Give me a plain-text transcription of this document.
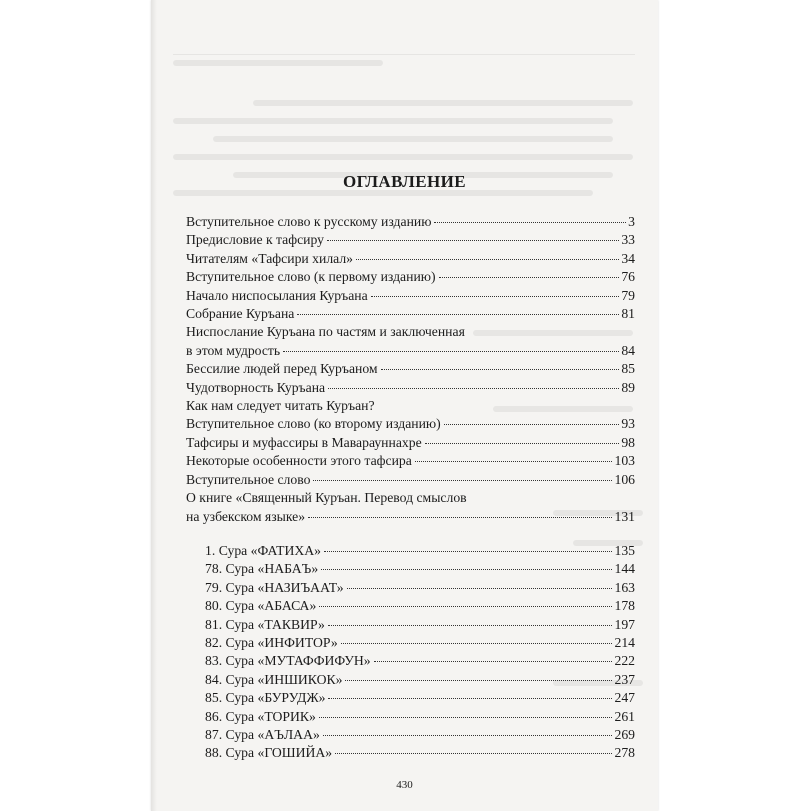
ОГЛАВЛЕНИЕ
Вступительное слово к русскому изданию	3
Предисловие к тафсиру	33
Читателям «Тафсири хилал»	34
Вступительное слово (к первому изданию)	76
Начало ниспосылания Куръана	79
Собрание Куръана	81
Ниспослание Куръана по частям и заключенная
в этом мудрость	84
Бессилие людей перед Куръаном	85
Чудотворность Куръана	89
Как нам следует читать Куръан?
Вступительное слово (ко второму изданию)	93
Тафсиры и муфассиры в Маварауннахре	98
Некоторые особенности этого тафсира	103
Вступительное слово	106
О книге «Священный Куръан. Перевод смыслов
на узбекском языке»	131
1. Сура «ФАТИХА»	135
78. Сура «НАБАЪ»	144
79. Сура «НАЗИЪААТ»	163
80. Сура «АБАСА»	178
81. Сура «ТАКВИР»	197
82. Сура «ИНФИТОР»	214
83. Сура «МУТАФФИФУН»	222
84. Сура «ИНШИКОК»	237
85. Сура «БУРУДЖ»	247
86. Сура «ТОРИК»	261
87. Сура «АЪЛАА»	269
88. Сура «ГОШИЙА»	278
430
